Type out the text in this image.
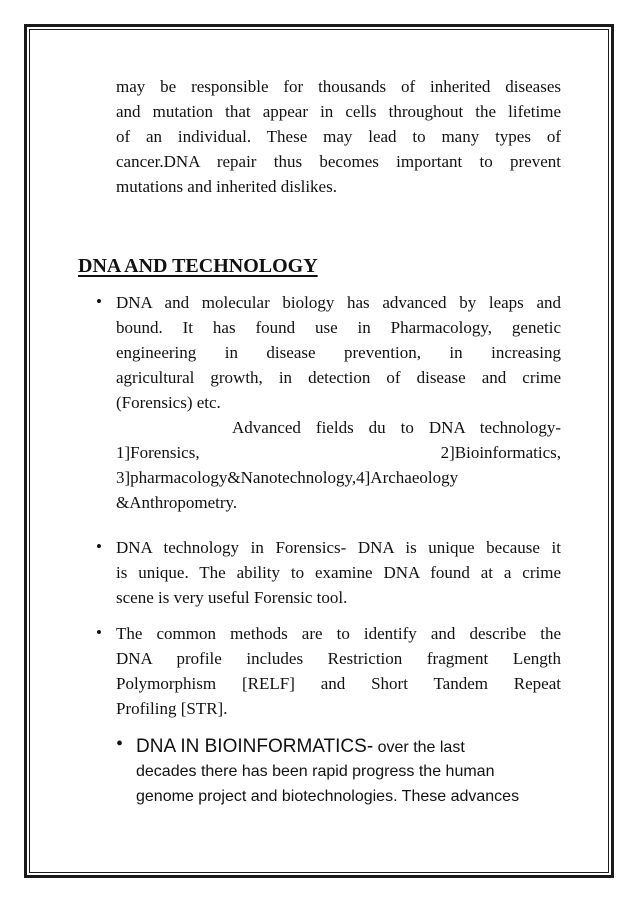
may be responsible for thousands of inherited diseases
and mutation that appear in cells throughout the lifetime
of an individual. These may lead to many types of
cancer.DNA repair thus becomes important to prevent
mutations and inherited dislikes.
DNA AND TECHNOLOGY
• DNA and molecular biology has advanced by leaps and
bound. It has found use in Pharmacology, genetic
engineering in disease prevention, in increasing
agricultural growth, in detection of disease and crime
(Forensics) etc.
Advanced fields du to DNA technology-
1]Forensics,	2]Bioinformatics,
3]pharmacology&Nanotechnology,4]Archaeology
&Anthropometry.
• DNA technology in Forensics- DNA is unique because it
is unique. The ability to examine DNA found at a crime
scene is very useful Forensic tool.
• The common methods are to identify and describe the
DNA profile includes Restriction fragment Length
Polymorphism [RELF] and Short Tandem Repeat
Profiling [STR].
• DNA IN BIOINFORMATICS- over the last
decades there has been rapid progress the human
genome project and biotechnologies. These advances
